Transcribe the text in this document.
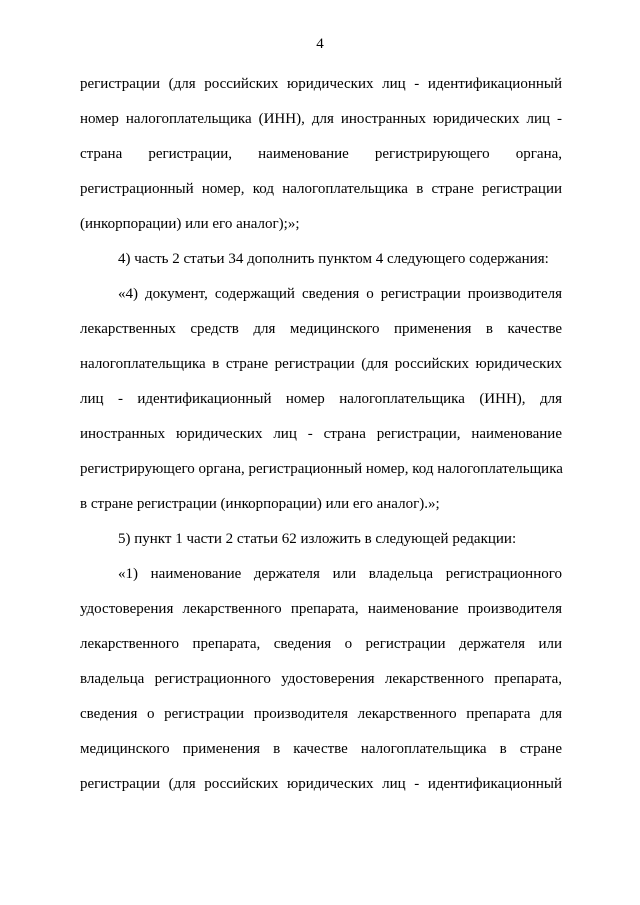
4
регистрации (для российских юридических лиц - идентификационный
номер налогоплательщика (ИНН), для иностранных юридических лиц -
страна регистрации, наименование регистрирующего органа,
регистрационный номер, код налогоплательщика в стране регистрации
(инкорпорации) или его аналог);»;
4) часть 2 статьи 34 дополнить пунктом 4 следующего содержания:
«4) документ, содержащий сведения о регистрации производителя
лекарственных средств для медицинского применения в качестве
налогоплательщика в стране регистрации (для российских юридических
лиц - идентификационный номер налогоплательщика (ИНН), для
иностранных юридических лиц - страна регистрации, наименование
регистрирующего органа, регистрационный номер, код налогоплательщика
в стране регистрации (инкорпорации) или его аналог).»;
5) пункт 1 части 2 статьи 62 изложить в следующей редакции:
«1) наименование держателя или владельца регистрационного
удостоверения лекарственного препарата, наименование производителя
лекарственного препарата, сведения о регистрации держателя или
владельца регистрационного удостоверения лекарственного препарата,
сведения о регистрации производителя лекарственного препарата для
медицинского применения в качестве налогоплательщика в стране
регистрации (для российских юридических лиц - идентификационный
